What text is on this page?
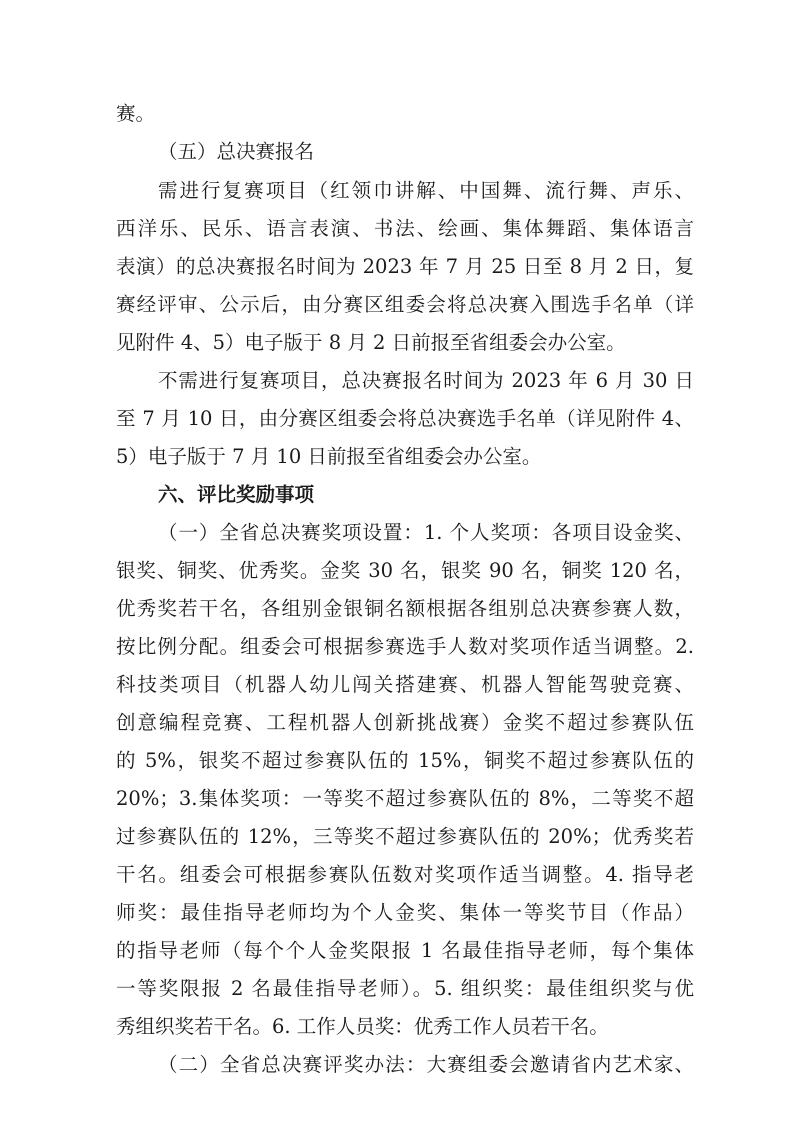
赛。
（五）总决赛报名
需进行复赛项目（红领巾讲解、中国舞、流行舞、声乐、
西洋乐、民乐、语言表演、书法、绘画、集体舞蹈、集体语言
表演）的总决赛报名时间为 2023 年 7 月 25 日至 8 月 2 日，复
赛经评审、公示后，由分赛区组委会将总决赛入围选手名单（详
见附件 4、5）电子版于 8 月 2 日前报至省组委会办公室。
不需进行复赛项目，总决赛报名时间为 2023 年 6 月 30 日
至 7 月 10 日，由分赛区组委会将总决赛选手名单（详见附件 4、
5）电子版于 7 月 10 日前报至省组委会办公室。
六、评比奖励事项
（一）全省总决赛奖项设置：1. 个人奖项：各项目设金奖、
银奖、铜奖、优秀奖。金奖 30 名，银奖 90 名，铜奖 120 名，
优秀奖若干名，各组别金银铜名额根据各组别总决赛参赛人数，
按比例分配。组委会可根据参赛选手人数对奖项作适当调整。2.
科技类项目（机器人幼儿闯关搭建赛、机器人智能驾驶竞赛、
创意编程竞赛、工程机器人创新挑战赛）金奖不超过参赛队伍
的 5%，银奖不超过参赛队伍的 15%，铜奖不超过参赛队伍的
20%；3.集体奖项：一等奖不超过参赛队伍的 8%，二等奖不超
过参赛队伍的 12%，三等奖不超过参赛队伍的 20%；优秀奖若
干名。组委会可根据参赛队伍数对奖项作适当调整。4. 指导老
师奖：最佳指导老师均为个人金奖、集体一等奖节目（作品）
的指导老师（每个个人金奖限报 1 名最佳指导老师，每个集体
一等奖限报 2 名最佳指导老师）。5. 组织奖：最佳组织奖与优
秀组织奖若干名。6. 工作人员奖：优秀工作人员若干名。
（二）全省总决赛评奖办法：大赛组委会邀请省内艺术家、
